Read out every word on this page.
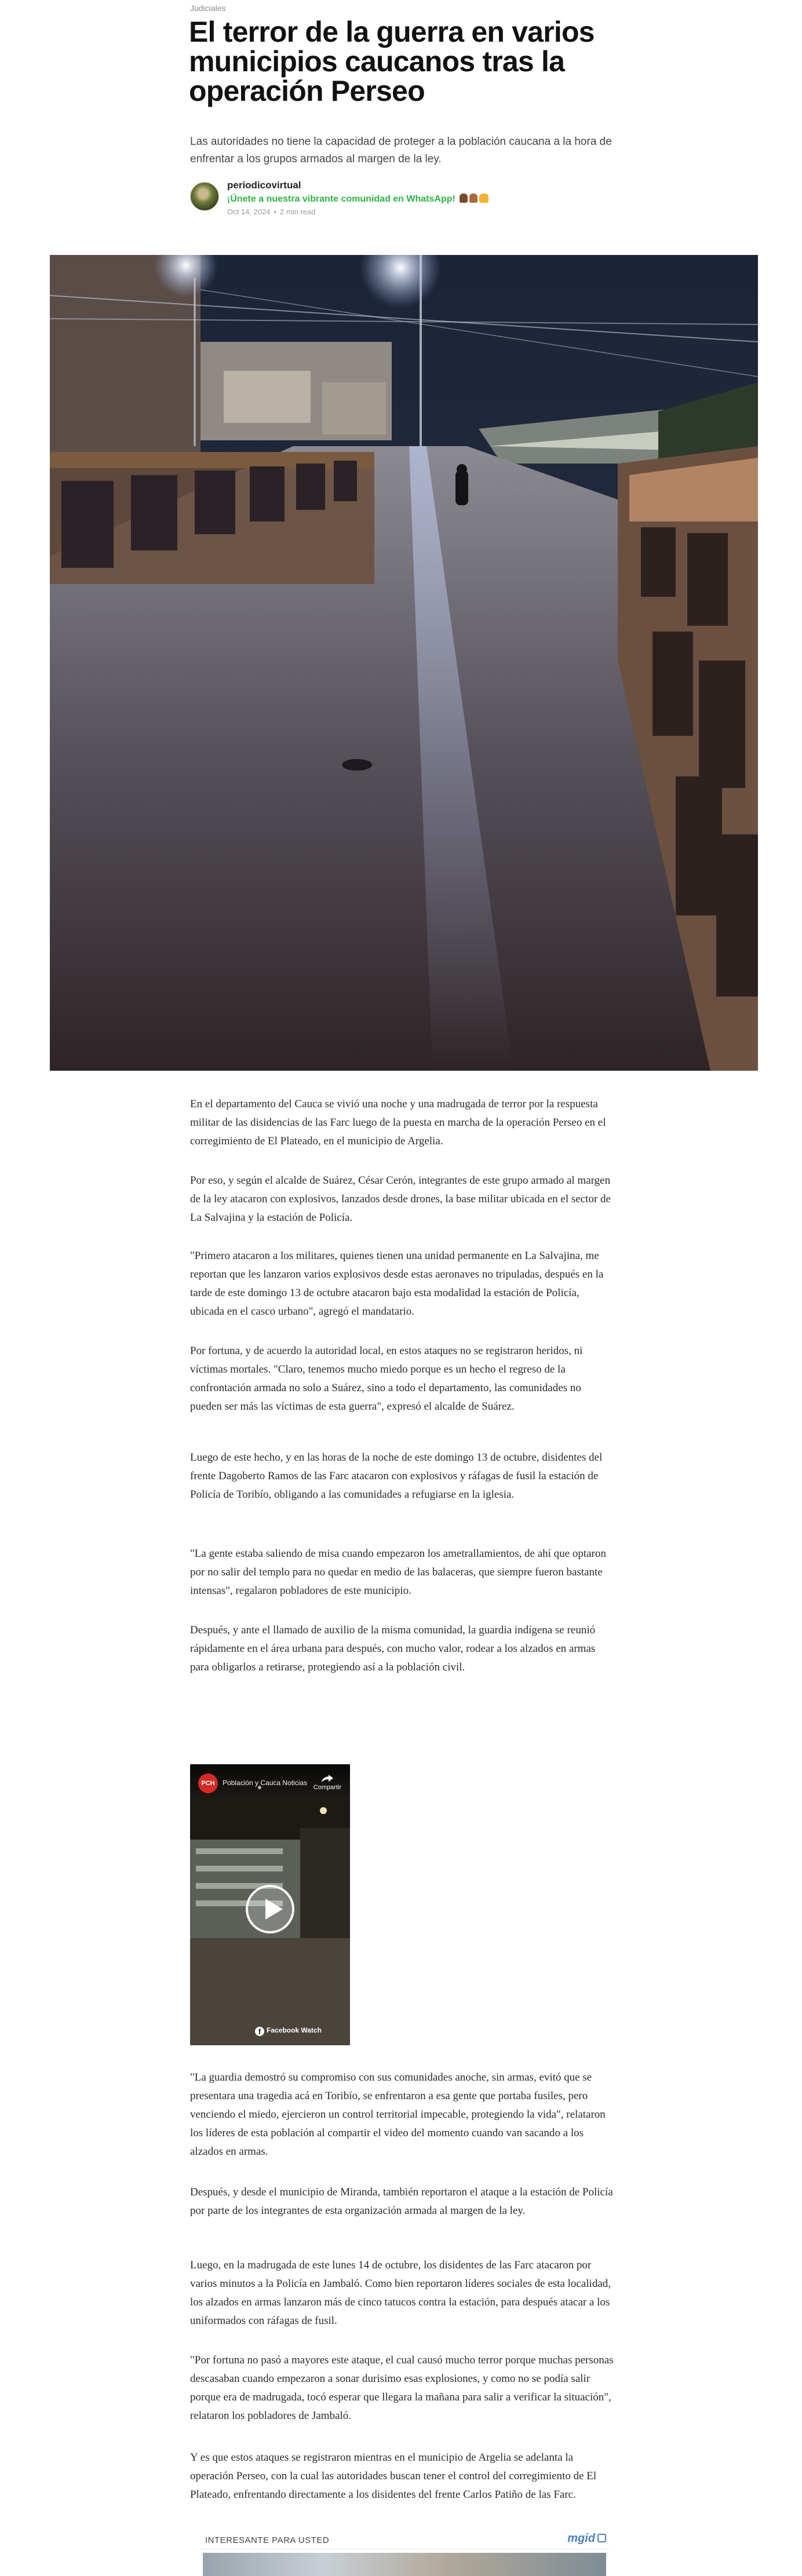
Judiciales
El terror de la guerra en varios municipios caucanos tras la operación Perseo

Las autoridades no tiene la capacidad de proteger a la población caucana a la hora de enfrentar a los grupos armados al margen de la ley.

periodicovirtual
¡Únete a nuestra vibrante comunidad en WhatsApp!
Oct 14, 2024 • 2 min read

En el departamento del Cauca se vivió una noche y una madrugada de terror por la respuesta militar de las disidencias de las Farc luego de la puesta en marcha de la operación Perseo en el corregimiento de El Plateado, en el municipio de Argelia.

Por eso, y según el alcalde de Suárez, César Cerón, integrantes de este grupo armado al margen de la ley atacaron con explosivos, lanzados desde drones, la base militar ubicada en el sector de La Salvajina y la estación de Policía.

"Primero atacaron a los militares, quienes tienen una unidad permanente en La Salvajina, me reportan que les lanzaron varios explosivos desde estas aeronaves no tripuladas, después en la tarde de este domingo 13 de octubre atacaron bajo esta modalidad la estación de Policía, ubicada en el casco urbano", agregó el mandatario.

Por fortuna, y de acuerdo la autoridad local, en estos ataques no se registraron heridos, ni víctimas mortales. "Claro, tenemos mucho miedo porque es un hecho el regreso de la confrontación armada no solo a Suárez, sino a todo el departamento, las comunidades no pueden ser más las víctimas de esta guerra", expresó el alcalde de Suárez.

Luego de este hecho, y en las horas de la noche de este domingo 13 de octubre, disidentes del frente Dagoberto Ramos de las Farc atacaron con explosivos y ráfagas de fusil la estación de Policía de Toribío, obligando a las comunidades a refugiarse en la iglesia.

"La gente estaba saliendo de misa cuando empezaron los ametrallamientos, de ahí que optaron por no salir del templo para no quedar en medio de las balaceras, que siempre fueron bastante intensas", regalaron pobladores de este municipio.

Después, y ante el llamado de auxilio de la misma comunidad, la guardia indígena se reunió rápidamente en el área urbana para después, con mucho valor, rodear a los alzados en armas para obligarlos a retirarse, protegiendo así a la población civil.

PCH	Población y Cauca Noticias
Compartir
f Facebook Watch

"La guardia demostró su compromiso con sus comunidades anoche, sin armas, evitó que se presentara una tragedia acá en Toribío, se enfrentaron a esa gente que portaba fusiles, pero venciendo el miedo, ejercieron un control territorial impecable, protegiendo la vida", relataron los líderes de esta población al compartir el video del momento cuando van sacando a los alzados en armas.

Después, y desde el municipio de Miranda, también reportaron el ataque a la estación de Policía por parte de los integrantes de esta organización armada al margen de la ley.

Luego, en la madrugada de este lunes 14 de octubre, los disidentes de las Farc atacaron por varios minutos a la Policía en Jambaló. Como bien reportaron líderes sociales de esta localidad, los alzados en armas lanzaron más de cinco tatucos contra la estación, para después atacar a los uniformados con ráfagas de fusil.

"Por fortuna no pasó a mayores este ataque, el cual causó mucho terror porque muchas personas descasaban cuando empezaron a sonar durisimo esas explosiones, y como no se podía salir porque era de madrugada, tocó esperar que llegara la mañana para salir a verificar la situación", relataron los pobladores de Jambaló.

Y es que estos ataques se registraron mientras en el municipio de Argelia se adelanta la operación Perseo, con la cual las autoridades buscan tener el control del corregimiento de El Plateado, enfrentando directamente a los disidentes del frente Carlos Patiño de las Farc.

INTERESANTE PARA USTED	mgid
